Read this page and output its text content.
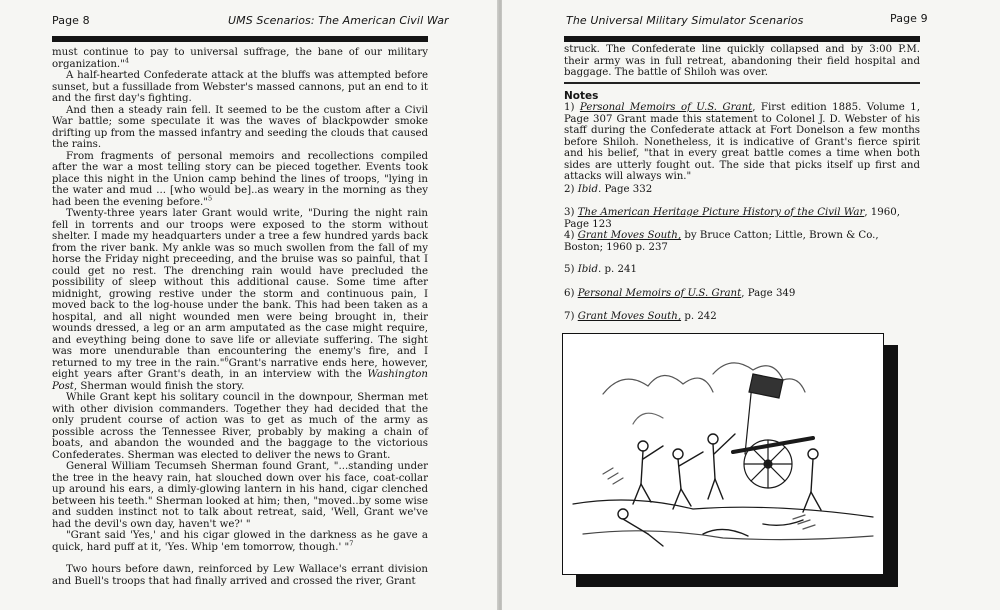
Page 8	UMS Scenarios: The American Civil War

must continue to pay to universal suffrage, the bane of our military organization."$^4$

A half-hearted Confederate attack at the bluffs was attempted before sunset, but a fussillade from Webster's massed cannons, put an end to it and the first day's fighting.

And then a steady rain fell. It seemed to be the custom after a Civil War battle; some speculate it was the waves of blackpowder smoke drifting up from the massed infantry and seeding the clouds that caused the rains.

From fragments of personal memoirs and recollections compiled after the war a most telling story can be pieced together. Events took place this night in the Union camp behind the lines of troops, "lying in the water and mud ... [who would be]..as weary in the morning as they had been the evening before."$^5$

Twenty-three years later Grant would write, "During the night rain fell in torrents and our troops were exposed to the storm without shelter. I made my headquarters under a tree a few hundred yards back from the river bank. My ankle was so much swollen from the fall of my horse the Friday night preceeding, and the bruise was so painful, that I could get no rest. The drenching rain would have precluded the possibility of sleep without this additional cause. Some time after midnight, growing restive under the storm and continuous pain, I moved back to the log-house under the bank. This had been taken as a hospital, and all night wounded men were being brought in, their wounds dressed, a leg or an arm amputated as the case might require, and eveything being done to save life or alleviate suffering. The sight was more unendurable than encountering the enemy's fire, and I returned to my tree in the rain."$^6$Grant's narrative ends here, however, eight years after Grant's death, in an interview with the Washington Post, Sherman would finish the story.

While Grant kept his solitary council in the downpour, Sherman met with other division commanders. Together they had decided that the only prudent course of action was to get as much of the army as possible across the Tennessee River, probably by making a chain of boats, and abandon the wounded and the baggage to the victorious Confederates. Sherman was elected to deliver the news to Grant.

General William Tecumseh Sherman found Grant, "...standing under the tree in the heavy rain, hat slouched down over his face, coat-collar up around his ears, a dimly-glowing lantern in his hand, cigar clenched between his teeth." Sherman looked at him; then, "moved..by some wise and sudden instinct not to talk about retreat, said, 'Well, Grant we've had the devil's own day, haven't we?' "

"Grant said 'Yes,' and his cigar glowed in the darkness as he gave a quick, hard puff at it, 'Yes. Whip 'em tomorrow, though.' "$^7$

Two hours before dawn, reinforced by Lew Wallace's errant division and Buell's troops that had finally arrived and crossed the river, Grant

The Universal Military Simulator Scenarios	Page 9
struck. The Confederate line quickly collapsed and by 3:00 P.M. their army was in full retreat, abandoning their field hospital and baggage. The battle of Shiloh was over.
Notes
1) Personal Memoirs of U.S. Grant, First edition 1885. Volume 1, Page 307 Grant made this statement to Colonel J. D. Webster of his staff during the Confederate attack at Fort Donelson a few months before Shiloh. Nonetheless, it is indicative of Grant's fierce spirit and his belief, "that in every great battle comes a time when both sides are utterly fought out. The side that picks itself up first and attacks will always win."
2) Ibid. Page 332
3) The American Heritage Picture History of the Civil War, 1960, Page 123
4) Grant Moves South, by Bruce Catton; Little, Brown & Co., Boston; 1960 p. 237
5) Ibid. p. 241
6) Personal Memoirs of U.S. Grant, Page 349
7) Grant Moves South, p. 242
